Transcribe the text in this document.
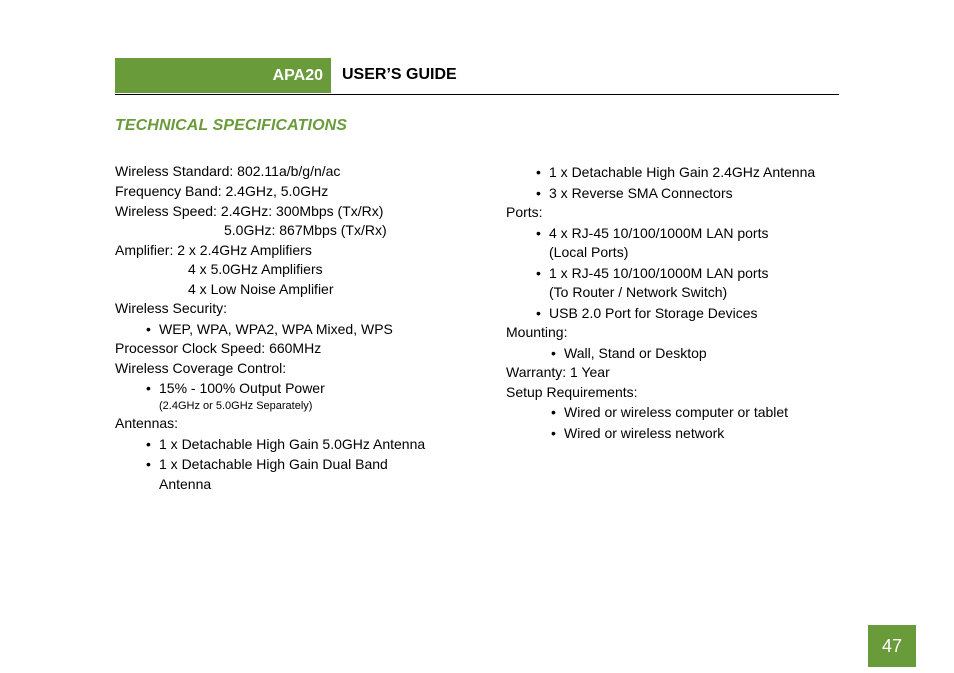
APA20 USER’S GUIDE
TECHNICAL SPECIFICATIONS
Wireless Standard: 802.11a/b/g/n/ac
Frequency Band: 2.4GHz, 5.0GHz
Wireless Speed: 2.4GHz: 300Mbps (Tx/Rx)
5.0GHz: 867Mbps (Tx/Rx)
Amplifier: 2 x 2.4GHz Amplifiers
4 x 5.0GHz Amplifiers
4 x Low Noise Amplifier
Wireless Security:
• WEP, WPA, WPA2, WPA Mixed, WPS
Processor Clock Speed: 660MHz
Wireless Coverage Control:
• 15% - 100% Output Power
(2.4GHz or 5.0GHz Separately)
Antennas:
• 1 x Detachable High Gain 5.0GHz Antenna
• 1 x Detachable High Gain Dual Band
Antenna
• 1 x Detachable High Gain 2.4GHz Antenna
• 3 x Reverse SMA Connectors
Ports:
• 4 x RJ-45 10/100/1000M LAN ports
(Local Ports)
• 1 x RJ-45 10/100/1000M LAN ports
(To Router / Network Switch)
• USB 2.0 Port for Storage Devices
Mounting:
• Wall, Stand or Desktop
Warranty: 1 Year
Setup Requirements:
• Wired or wireless computer or tablet
• Wired or wireless network
47
